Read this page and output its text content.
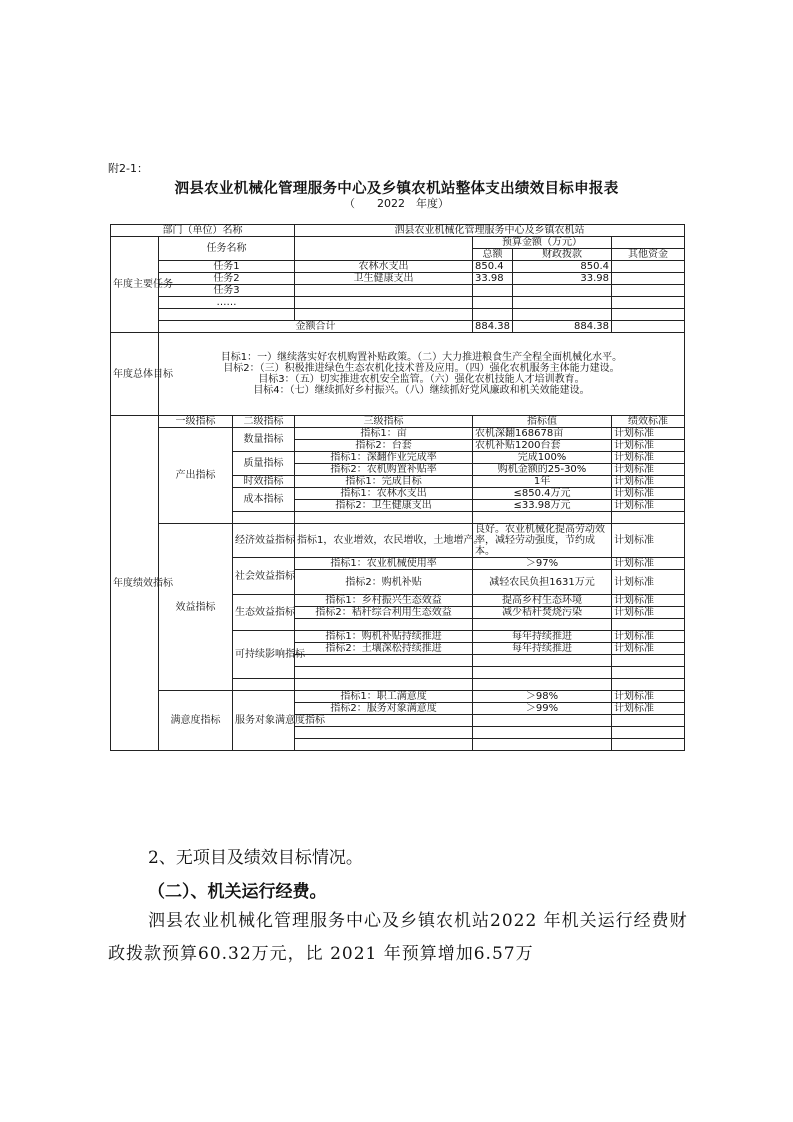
附2-1：
泗县农业机械化管理服务中心及乡镇农机站整体支出绩效目标申报表
（　　2022　年度）
部门（单位）名称			泗县农业机械化管理服务中心及乡镇农机站			
年度主要任务	任务名称			预算金额（万元）		
				总额	财政拨款	其他资金
	任务1		农林水支出	850.4	850.4	
	任务2		卫生健康支出	33.98	33.98	
	任务3					
	……					

	金额合计			884.38	884.38	
年度总体目标	目标1：一）继续落实好农机购置补贴政策。（二）大力推进粮食生产全程全面机械化水平。
目标2：（三）积极推进绿色生态农机化技术普及应用。（四）强化农机服务主体能力建设。
目标3：（五）切实推进农机安全监管。（六）强化农机技能人才培训教育。
目标4：（七）继续抓好乡村振兴。（八）继续抓好党风廉政和机关效能建设。					

年度绩效指标	一级指标	二级指标	三级指标	指标值		绩效标准
	产出指标	数量指标	指标1：亩	农机深翻168678亩		计划标准
			指标2：台套	农机补贴1200台套		计划标准
		质量指标	指标1：深翻作业完成率	完成100%		计划标准
			指标2：农机购置补贴率	购机金额的25-30%		计划标准
		时效指标	指标1：完成目标	1年		计划标准
		成本指标	指标1：农林水支出	≤850.4万元		计划标准
			指标2：卫生健康支出	≤33.98万元		计划标准

	效益指标	经济效益指标	指标1，农业增效，农民增收，土地增产。	良好。农业机械化提高劳动效率，减轻劳动强度，节约成本。		计划标准

		社会效益指标	指标1：农业机械使用率	＞97%		计划标准
			指标2：购机补贴	减轻农民负担1631万元		计划标准

		生态效益指标	指标1：乡村振兴生态效益	提高乡村生态环境		计划标准
			指标2：秸秆综合利用生态效益	减少秸秆焚烧污染		计划标准

		可持续影响指标	指标1：购机补贴持续推进	每年持续推进		计划标准
			指标2：土壤深松持续推进	每年持续推进		计划标准

	满意度指标	服务对象满意度指标	指标1：职工满意度	＞98%		计划标准
			指标2：服务对象满意度	＞99%		计划标准

2、无项目及绩效目标情况。
（二）、机关运行经费。
泗县农业机械化管理服务中心及乡镇农机站2022 年机关运行经费财政拨款预算60.32万元，比 2021 年预算增加6.57万
